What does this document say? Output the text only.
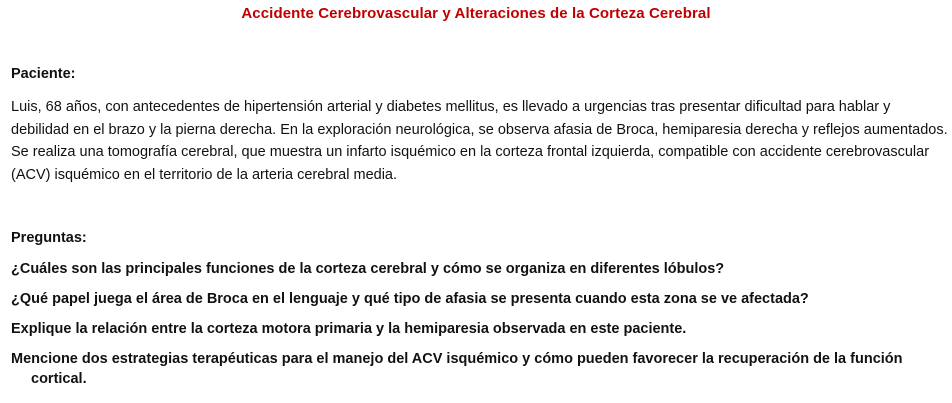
Accidente Cerebrovascular y Alteraciones de la Corteza Cerebral
Paciente:

Luis, 68 años, con antecedentes de hipertensión arterial y diabetes mellitus, es llevado a urgencias tras presentar dificultad para hablar y debilidad en el brazo y la pierna derecha. En la exploración neurológica, se observa afasia de Broca, hemiparesia derecha y reflejos aumentados. Se realiza una tomografía cerebral, que muestra un infarto isquémico en la corteza frontal izquierda, compatible con accidente cerebrovascular (ACV) isquémico en el territorio de la arteria cerebral media.

Preguntas:
¿Cuáles son las principales funciones de la corteza cerebral y cómo se organiza en diferentes lóbulos?
¿Qué papel juega el área de Broca en el lenguaje y qué tipo de afasia se presenta cuando esta zona se ve afectada?
Explique la relación entre la corteza motora primaria y la hemiparesia observada en este paciente.
Mencione dos estrategias terapéuticas para el manejo del ACV isquémico y cómo pueden favorecer la recuperación de la función cortical.
